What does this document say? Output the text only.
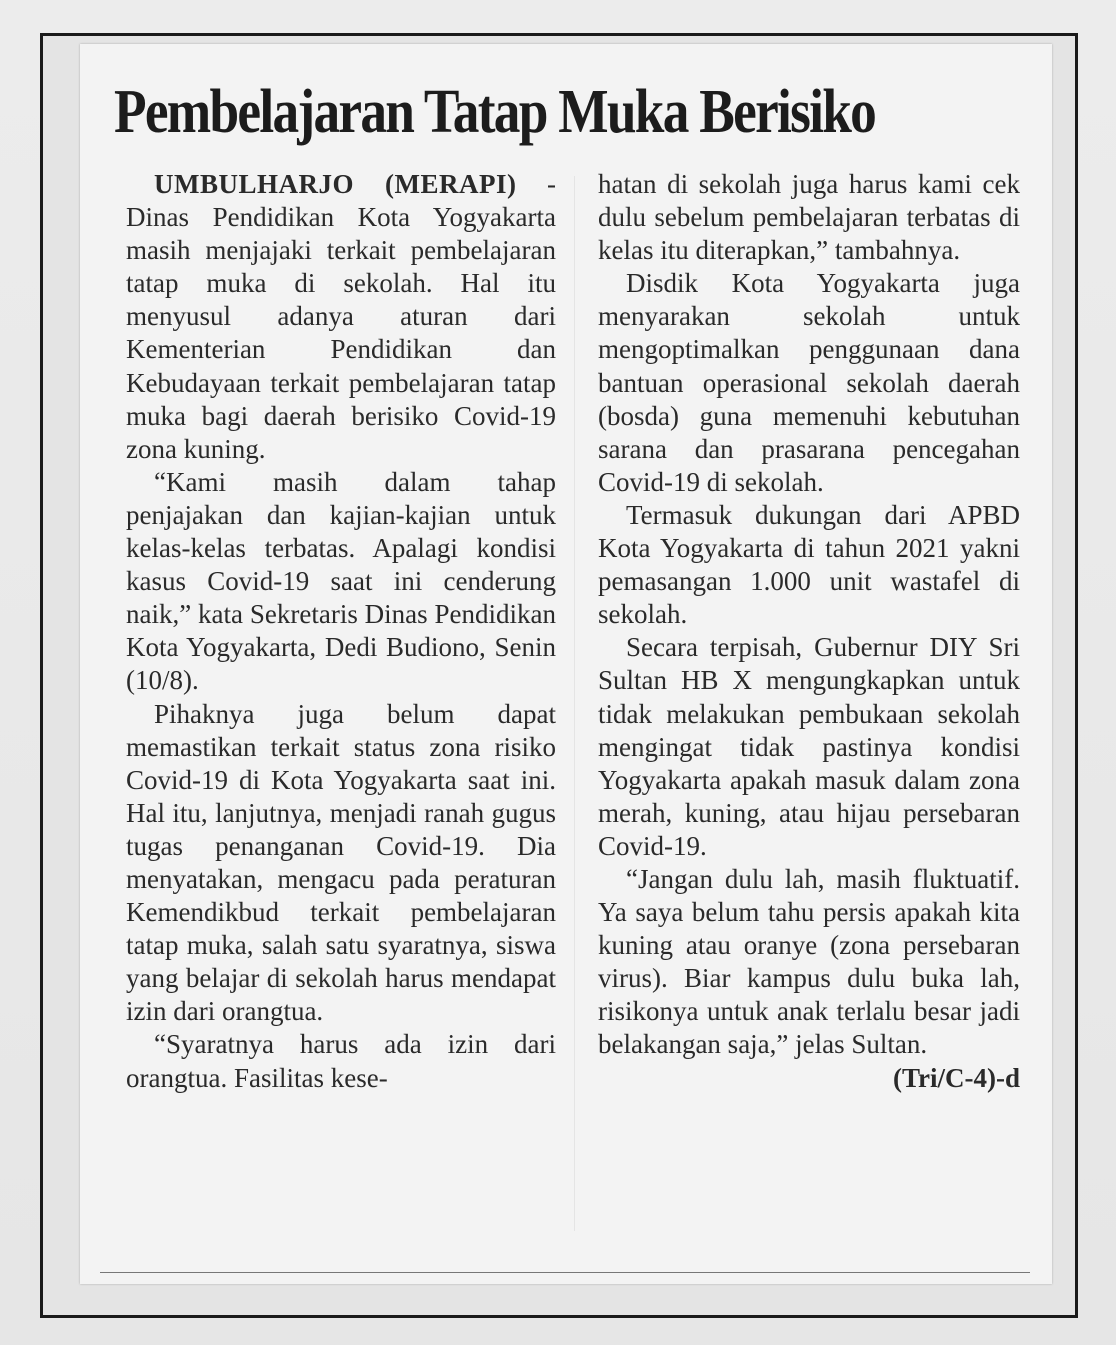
Pembelajaran Tatap Muka Berisiko

UMBULHARJO (MERAPI) - Dinas Pendidikan Kota Yogyakarta masih menjajaki terkait pembelajaran tatap muka di sekolah. Hal itu menyusul adanya aturan dari Kementerian Pendidikan dan Kebudayaan terkait pembelajaran tatap muka bagi daerah berisiko Covid-19 zona kuning.

“Kami masih dalam tahap penjajakan dan kajian-kajian untuk kelas-kelas terbatas. Apalagi kondisi kasus Covid-19 saat ini cenderung naik,” kata Sekretaris Dinas Pendidikan Kota Yogyakarta, Dedi Budiono, Senin (10/8).

Pihaknya juga belum dapat memastikan terkait status zona risiko Covid-19 di Kota Yogyakarta saat ini. Hal itu, lanjutnya, menjadi ranah gugus tugas penanganan Covid-19. Dia menyatakan, mengacu pada peraturan Kemendikbud terkait pembelajaran tatap muka, salah satu syaratnya, siswa yang belajar di sekolah harus mendapat izin dari orangtua.

“Syaratnya harus ada izin dari orangtua. Fasilitas kese-

hatan di sekolah juga harus kami cek dulu sebelum pembelajaran terbatas di kelas itu diterapkan,” tambahnya.

Disdik Kota Yogyakarta juga menyarakan sekolah untuk mengoptimalkan penggunaan dana bantuan operasional sekolah daerah (bosda) guna memenuhi kebutuhan sarana dan prasarana pencegahan Covid-19 di sekolah.

Termasuk dukungan dari APBD Kota Yogyakarta di tahun 2021 yakni pemasangan 1.000 unit wastafel di sekolah.

Secara terpisah, Gubernur DIY Sri Sultan HB X mengungkapkan untuk tidak melakukan pembukaan sekolah mengingat tidak pastinya kondisi Yogyakarta apakah masuk dalam zona merah, kuning, atau hijau persebaran Covid-19.

“Jangan dulu lah, masih fluktuatif. Ya saya belum tahu persis apakah kita kuning atau oranye (zona persebaran virus). Biar kampus dulu buka lah, risikonya untuk anak terlalu besar jadi belakangan saja,” jelas Sultan.
(Tri/C-4)-d
